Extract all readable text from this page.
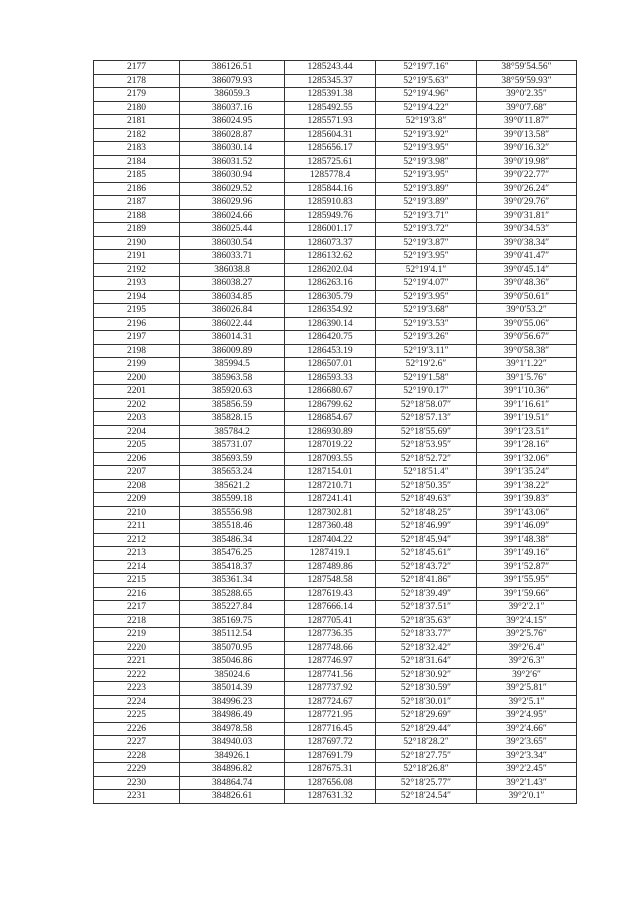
2177	386126.51	1285243.44	52°19′7.16″	38°59′54.56″
2178	386079.93	1285345.37	52°19′5.63″	38°59′59.93″
2179	386059.3	1285391.38	52°19′4.96″	39°0′2.35″
2180	386037.16	1285492.55	52°19′4.22″	39°0′7.68″
2181	386024.95	1285571.93	52°19′3.8″	39°0′11.87″
2182	386028.87	1285604.31	52°19′3.92″	39°0′13.58″
2183	386030.14	1285656.17	52°19′3.95″	39°0′16.32″
2184	386031.52	1285725.61	52°19′3.98″	39°0′19.98″
2185	386030.94	1285778.4	52°19′3.95″	39°0′22.77″
2186	386029.52	1285844.16	52°19′3.89″	39°0′26.24″
2187	386029.96	1285910.83	52°19′3.89″	39°0′29.76″
2188	386024.66	1285949.76	52°19′3.71″	39°0′31.81″
2189	386025.44	1286001.17	52°19′3.72″	39°0′34.53″
2190	386030.54	1286073.37	52°19′3.87″	39°0′38.34″
2191	386033.71	1286132.62	52°19′3.95″	39°0′41.47″
2192	386038.8	1286202.04	52°19′4.1″	39°0′45.14″
2193	386038.27	1286263.16	52°19′4.07″	39°0′48.36″
2194	386034.85	1286305.79	52°19′3.95″	39°0′50.61″
2195	386026.84	1286354.92	52°19′3.68″	39°0′53.2″
2196	386022.44	1286390.14	52°19′3.53″	39°0′55.06″
2197	386014.31	1286420.75	52°19′3.26″	39°0′56.67″
2198	386009.89	1286453.19	52°19′3.11″	39°0′58.38″
2199	385994.5	1286507.01	52°19′2.6″	39°1′1.22″
2200	385963.58	1286593.33	52°19′1.58″	39°1′5.76″
2201	385920.63	1286680.67	52°19′0.17″	39°1′10.36″
2202	385856.59	1286799.62	52°18′58.07″	39°1′16.61″
2203	385828.15	1286854.67	52°18′57.13″	39°1′19.51″
2204	385784.2	1286930.89	52°18′55.69″	39°1′23.51″
2205	385731.07	1287019.22	52°18′53.95″	39°1′28.16″
2206	385693.59	1287093.55	52°18′52.72″	39°1′32.06″
2207	385653.24	1287154.01	52°18′51.4″	39°1′35.24″
2208	385621.2	1287210.71	52°18′50.35″	39°1′38.22″
2209	385599.18	1287241.41	52°18′49.63″	39°1′39.83″
2210	385556.98	1287302.81	52°18′48.25″	39°1′43.06″
2211	385518.46	1287360.48	52°18′46.99″	39°1′46.09″
2212	385486.34	1287404.22	52°18′45.94″	39°1′48.38″
2213	385476.25	1287419.1	52°18′45.61″	39°1′49.16″
2214	385418.37	1287489.86	52°18′43.72″	39°1′52.87″
2215	385361.34	1287548.58	52°18′41.86″	39°1′55.95″
2216	385288.65	1287619.43	52°18′39.49″	39°1′59.66″
2217	385227.84	1287666.14	52°18′37.51″	39°2′2.1″
2218	385169.75	1287705.41	52°18′35.63″	39°2′4.15″
2219	385112.54	1287736.35	52°18′33.77″	39°2′5.76″
2220	385070.95	1287748.66	52°18′32.42″	39°2′6.4″
2221	385046.86	1287746.97	52°18′31.64″	39°2′6.3″
2222	385024.6	1287741.56	52°18′30.92″	39°2′6″
2223	385014.39	1287737.92	52°18′30.59″	39°2′5.81″
2224	384996.23	1287724.67	52°18′30.01″	39°2′5.1″
2225	384986.49	1287721.95	52°18′29.69″	39°2′4.95″
2226	384978.58	1287716.45	52°18′29.44″	39°2′4.66″
2227	384940.03	1287697.72	52°18′28.2″	39°2′3.65″
2228	384926.1	1287691.79	52°18′27.75″	39°2′3.34″
2229	384896.82	1287675.31	52°18′26.8″	39°2′2.45″
2230	384864.74	1287656.08	52°18′25.77″	39°2′1.43″
2231	384826.61	1287631.32	52°18′24.54″	39°2′0.1″
